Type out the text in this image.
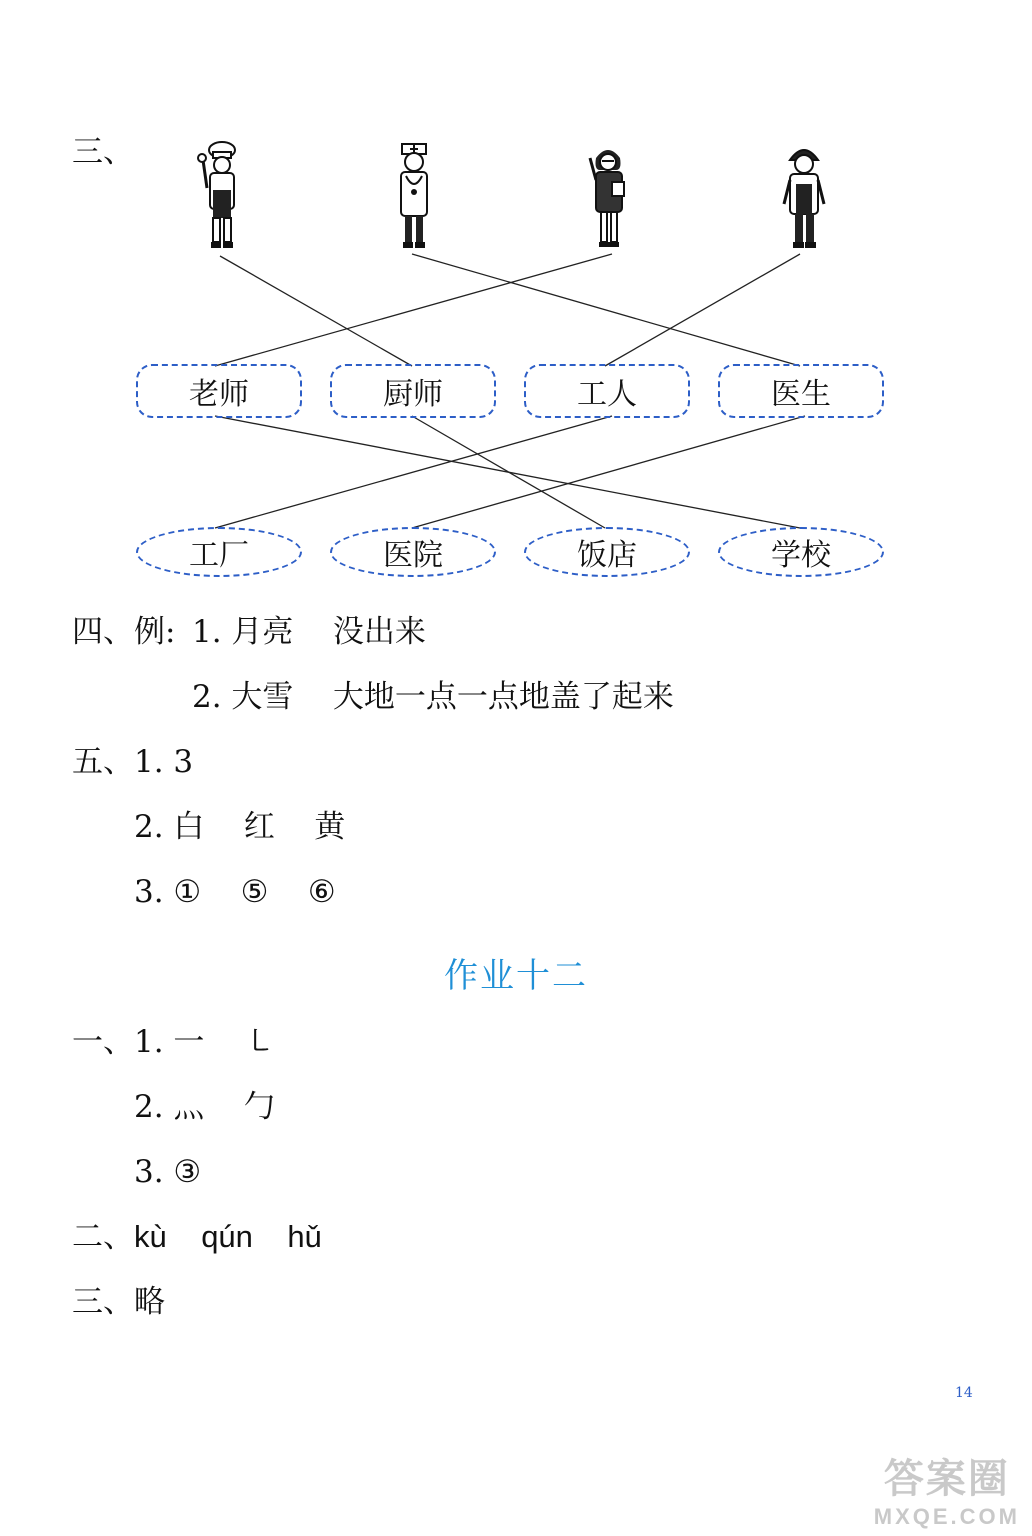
三、
老师	厨师	工人	医生
工厂	医院	饭店	学校
四、例: 1. 月亮    没出来
2. 大雪    大地一点一点地盖了起来
五、 1. 3
2. 白    红    黄
3. ①    ⑤    ⑥
作业十二
一、 1. 一    ㇄
2. 灬    勹
3. ③
二、 kù    qún    hǔ
三、 略
14
答案圈
MXQE.COM
